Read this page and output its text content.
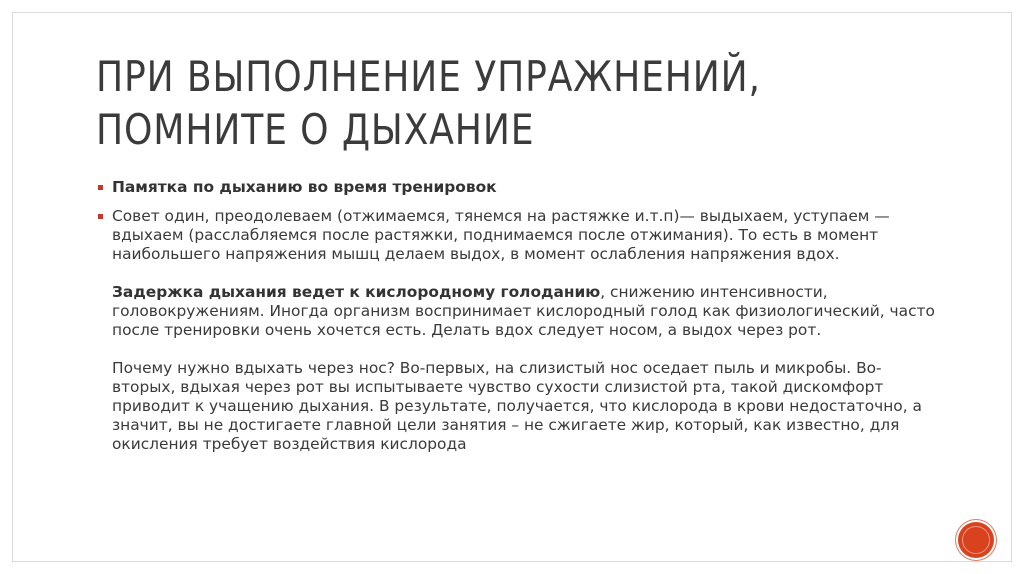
ПРИ ВЫПОЛНЕНИЕ УПРАЖНЕНИЙ,
ПОМНИТЕ О ДЫХАНИЕ
Памятка по дыханию во время тренировок
Совет один, преодолеваем (отжимаемся, тянемся на растяжке и.т.п)— выдыхаем, уступаем — вдыхаем (расслабляемся после растяжки, поднимаемся после отжимания). То есть в момент наибольшего напряжения мышц делаем выдох, в момент ослабления напряжения вдох.
Задержка дыхания ведет к кислородному голоданию, снижению интенсивности, головокружениям. Иногда организм воспринимает кислородный голод как физиологический, часто после тренировки очень хочется есть. Делать вдох следует носом, а выдох через рот.
Почему нужно вдыхать через нос? Во-первых, на слизистый нос оседает пыль и микробы. Во-вторых, вдыхая через рот вы испытываете чувство сухости слизистой рта, такой дискомфорт приводит к учащению дыхания. В результате, получается, что кислорода в крови недостаточно, а значит, вы не достигаете главной цели занятия – не сжигаете жир, который, как известно, для окисления требует воздействия кислорода
